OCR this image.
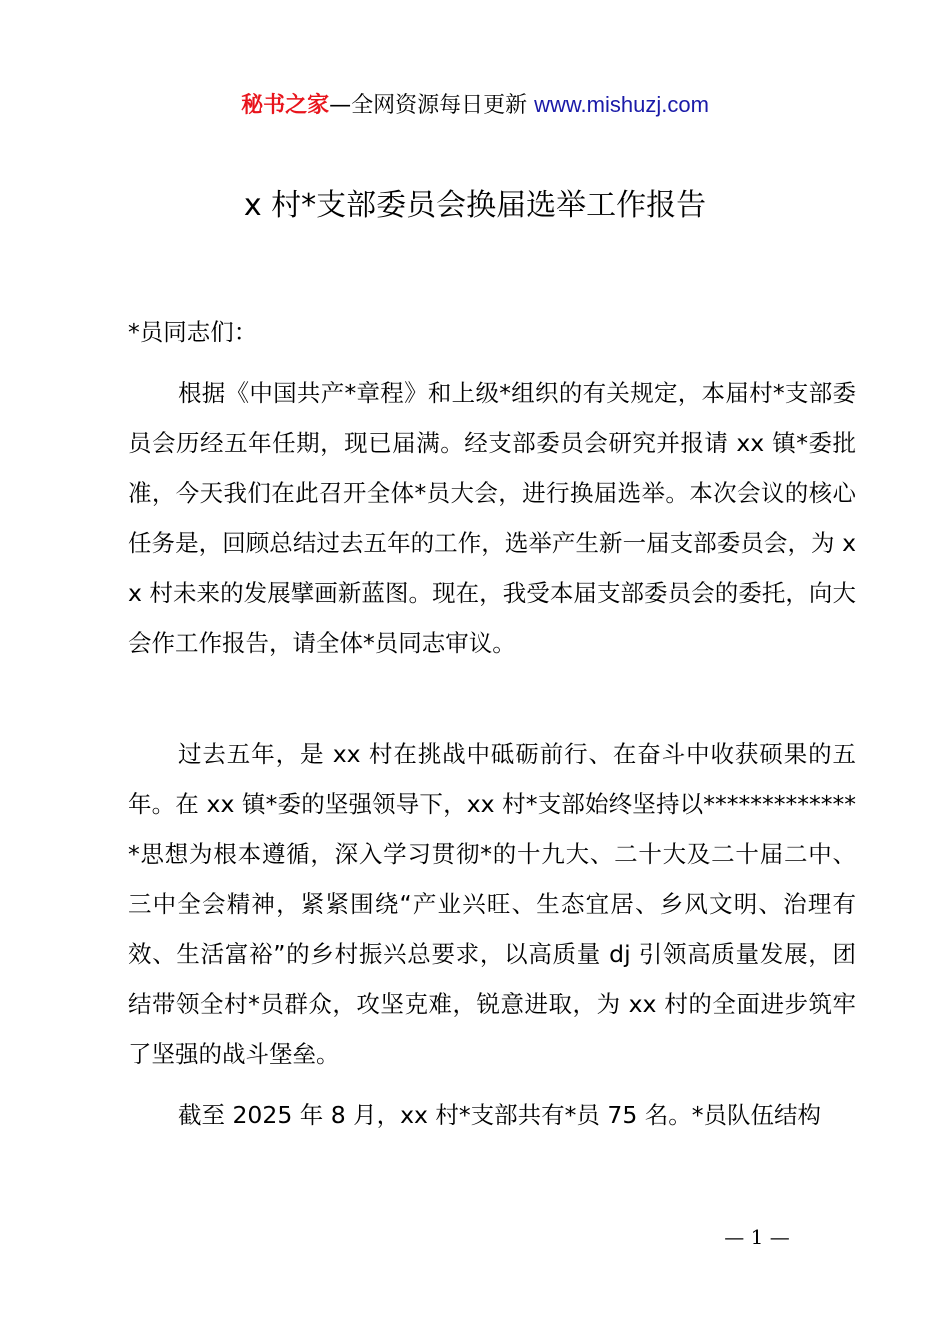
秘书之家—全网资源每日更新 www.mishuzj.com
x 村*支部委员会换届选举工作报告
*员同志们：
根据《中国共产*章程》和上级*组织的有关规定，本届村*支部委员会历经五年任期，现已届满。经支部委员会研究并报请 xx 镇*委批准，今天我们在此召开全体*员大会，进行换届选举。本次会议的核心任务是，回顾总结过去五年的工作，选举产生新一届支部委员会，为 xx 村未来的发展擘画新蓝图。现在，我受本届支部委员会的委托，向大会作工作报告，请全体*员同志审议。
过去五年，是 xx 村在挑战中砥砺前行、在奋斗中收获硕果的五年。在 xx 镇*委的坚强领导下，xx 村*支部始终坚持以**************思想为根本遵循，深入学习贯彻*的十九大、二十大及二十届二中、三中全会精神，紧紧围绕“产业兴旺、生态宜居、乡风文明、治理有效、生活富裕”的乡村振兴总要求，以高质量 dj 引领高质量发展，团结带领全村*员群众，攻坚克难，锐意进取，为 xx 村的全面进步筑牢了坚强的战斗堡垒。
截至 2025 年 8 月，xx 村*支部共有*员 75 名。*员队伍结构
— 1 —
